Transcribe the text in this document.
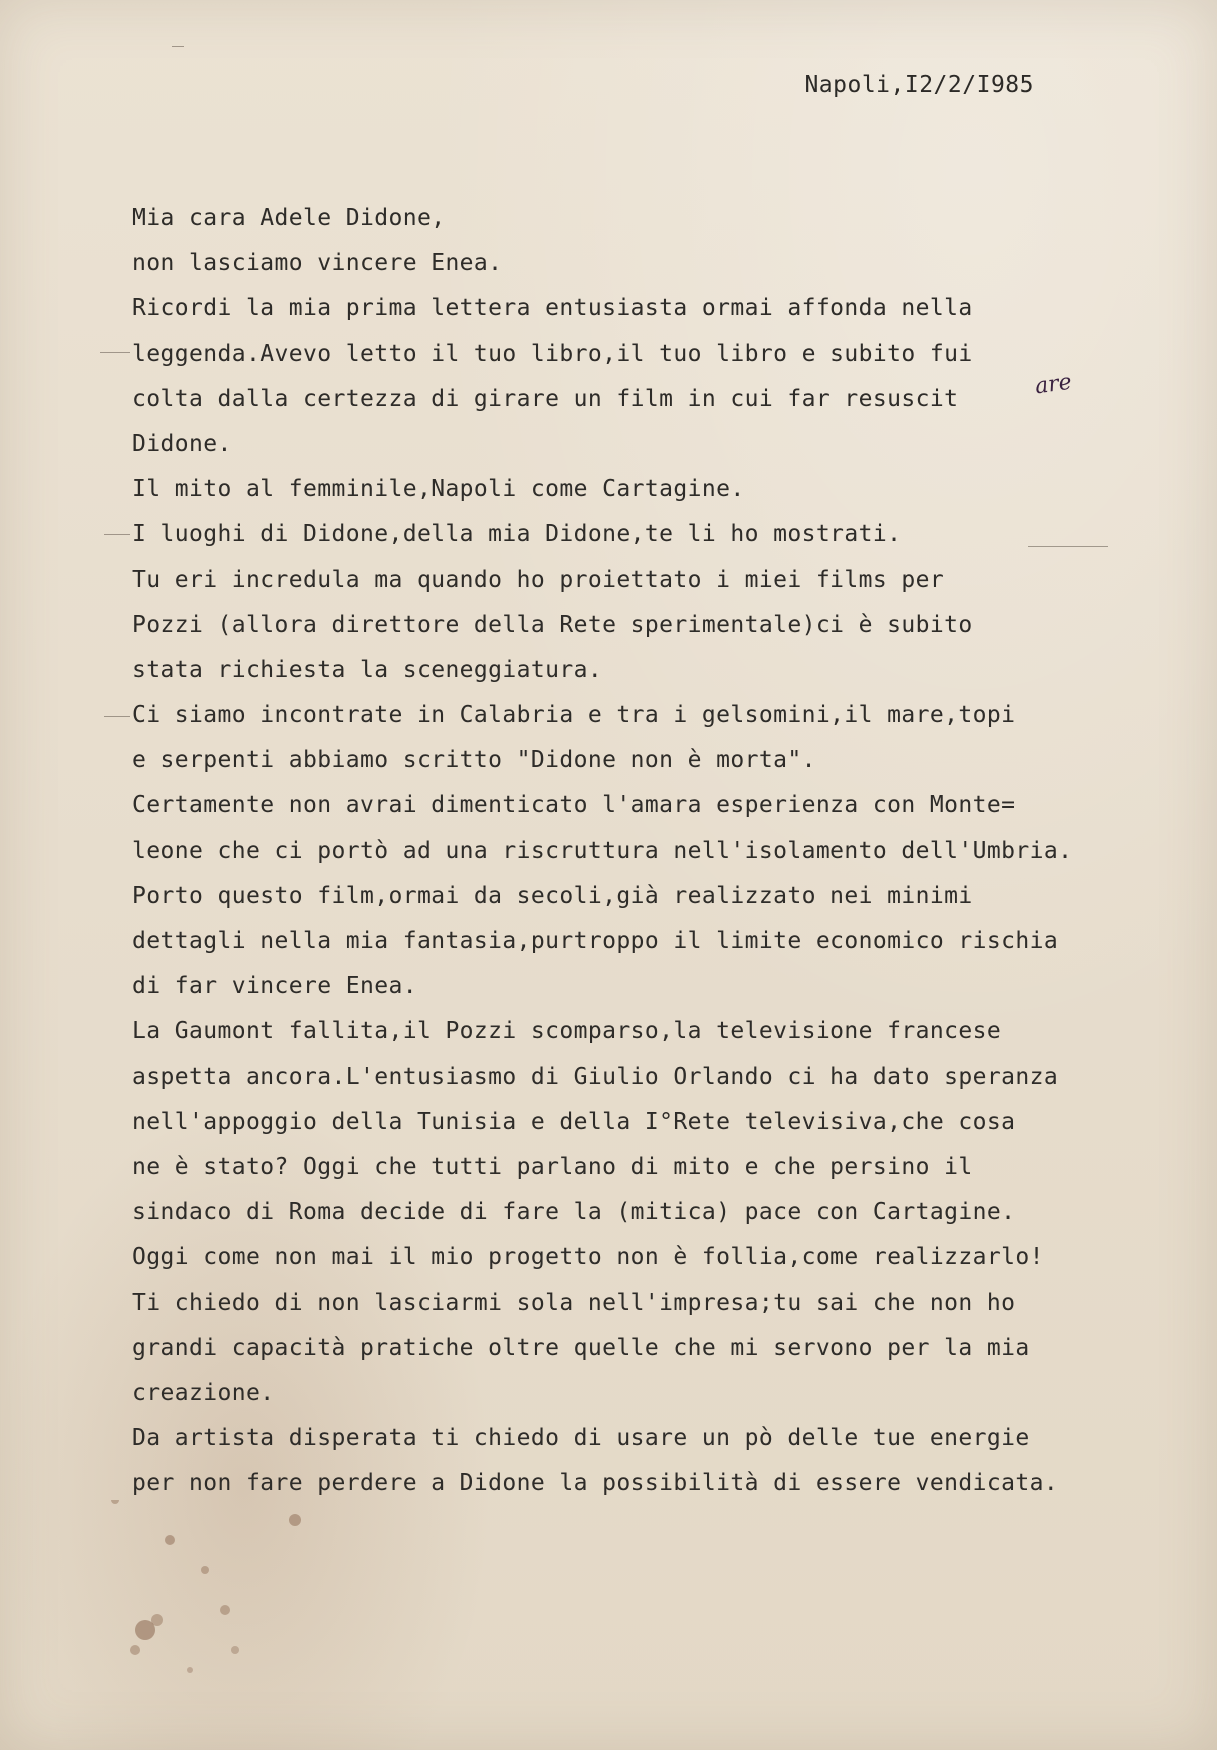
Napoli,I2/2/I985
Mia cara Adele Didone,
non lasciamo vincere Enea.
Ricordi la mia prima lettera entusiasta ormai affonda nella
leggenda.Avevo letto il tuo libro,il tuo libro e subito fui
colta dalla certezza di girare un film in cui far resuscit
Didone.
Il mito al femminile,Napoli come Cartagine.
I luoghi di Didone,della mia Didone,te li ho mostrati.
Tu eri incredula ma quando ho proiettato i miei films per
Pozzi (allora direttore della Rete sperimentale)ci è subito
stata richiesta la sceneggiatura.
Ci siamo incontrate in Calabria e tra i gelsomini,il mare,topi
e serpenti abbiamo scritto "Didone non è morta".
Certamente non avrai dimenticato l'amara esperienza con Monte=
leone che ci portò ad una riscruttura nell'isolamento dell'Umbria.
Porto questo film,ormai da secoli,già realizzato nei minimi
dettagli nella mia fantasia,purtroppo il limite economico rischia
di far vincere Enea.
La Gaumont fallita,il Pozzi scomparso,la televisione francese
aspetta ancora.L'entusiasmo di Giulio Orlando ci ha dato speranza
nell'appoggio della Tunisia e della I°Rete televisiva,che cosa
ne è stato? Oggi che tutti parlano di mito e che persino il
sindaco di Roma decide di fare la (mitica) pace con Cartagine.
Oggi come non mai il mio progetto non è follia,come realizzarlo!
Ti chiedo di non lasciarmi sola nell'impresa;tu sai che non ho
grandi capacità pratiche oltre quelle che mi servono per la mia
creazione.
Da artista disperata ti chiedo di usare un pò delle tue energie
per non fare perdere a Didone la possibilità di essere vendicata.
are
